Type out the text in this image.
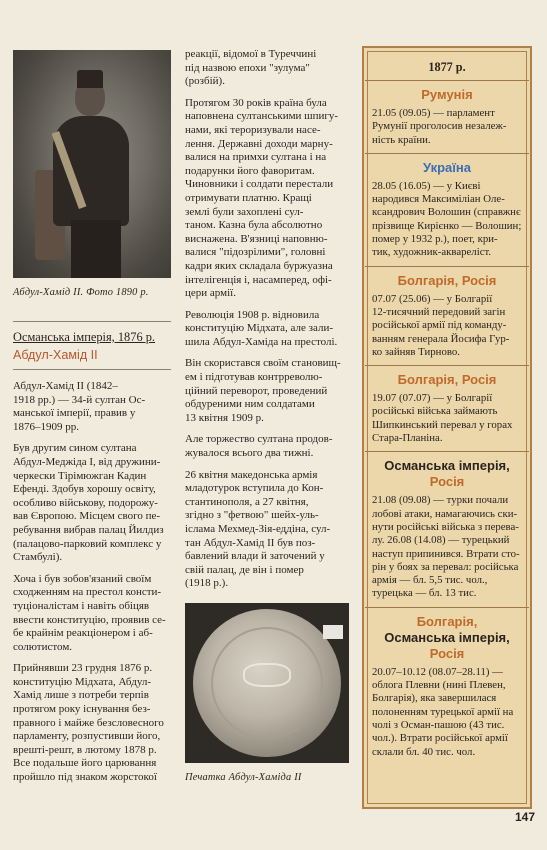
Абдул-Хамід II. Фото 1890 р.
Османська імперія, 1876 р.
Абдул-Хамід II
Абдул-Хамід II (1842–
1918 рр.) — 34-й султан Ос-
манської імперії, правив у
1876–1909 рр.
Був другим сином султана
Абдул-Меджіда I, від дружини-
черкески Тірімюжган Кадин
Ефенді. Здобув хорошу освіту,
особливо військову, подорожу-
вав Європою. Місцем свого пе-
ребування вибрав палац Йилдиз
(палацово-парковий комплекс у
Стамбулі).
Хоча і був зобов'язаний своїм
сходженням на престол консти-
туціоналістам і навіть обіцяв
ввести конституцію, проявив се-
бе крайнім реакціонером і аб-
солютистом.
Прийнявши 23 грудня 1876 р.
конституцію Мідхата, Абдул-
Хамід лише з потреби терпів
протягом року існування без-
правного і майже безсловесного
парламенту, розпустивши його,
врешті-решт, в лютому 1878 р.
Все подальше його царювання
пройшло під знаком жорстокої
реакції, відомої в Туреччині
під назвою епохи "зулума"
(розбій).
Протягом 30 років країна була
наповнена султанськими шпигу-
нами, які тероризували насе-
лення. Державні доходи марну-
валися на примхи султана і на
подарунки його фаворитам.
Чиновники і солдати перестали
отримувати платню. Кращі
землі були захоплені сул-
таном. Казна була абсолютно
виснажена. В'язниці наповню-
валися "підозрілими", головні
кадри яких складала буржуазна
інтелігенція і, насамперед, офі-
цери армії.
Революція 1908 р. відновила
конституцію Мідхата, але зали-
шила Абдул-Хаміда на престолі.
Він скористався своїм становищ-
ем і підготував контрреволю-
ційний переворот, проведений
обдуреними ним солдатами
13 квітня 1909 р.
Але торжество султана продов-
жувалося всього два тижні.
26 квітня македонська армія
младотурок вступила до Кон-
стантинополя, а 27 квітня,
згідно з "фетвою" шейх-уль-
іслама Мехмед-Зія-еддіна, сул-
тан Абдул-Хамід II був поз-
бавлений влади й заточений у
свій палац, де він і помер
(1918 р.).
Печатка Абдул-Хаміда II
1877 р.
Румунія
21.05 (09.05) — парламент
Румунії проголосив незалеж-
ність країни.
Україна
28.05 (16.05) — у Києві
народився Максиміліан Оле-
ксандрович Волошин (справжнє
прізвище Кирієнко — Волошин;
помер у 1932 р.), поет, кри-
тик, художник-аквареліст.
Болгарія, Росія
07.07 (25.06) — у Болгарії
12-тисячний передовий загін
російської армії під команду-
ванням генерала Йосифа Гур-
ко зайняв Тирново.
Болгарія, Росія
19.07 (07.07) — у Болгарії
російські війська займають
Шипкинський перевал у горах
Стара-Планіна.
Османська імперія,
Росія
21.08 (09.08) — турки почали
лобові атаки, намагаючись ски-
нути російські війська з перева-
лу. 26.08 (14.08) — турецький
наступ припинився. Втрати сто-
рін у боях за перевал: російська
армія — бл. 5,5 тис. чол.,
турецька — бл. 13 тис.
Болгарія,
Османська імперія,
Росія
20.07–10.12 (08.07–28.11) —
облога Плевни (нині Плевен,
Болгарія), яка завершилася
полоненням турецької армії на
чолі з Осман-пашою (43 тис.
чол.). Втрати російської армії
склали бл. 40 тис. чол.
147
